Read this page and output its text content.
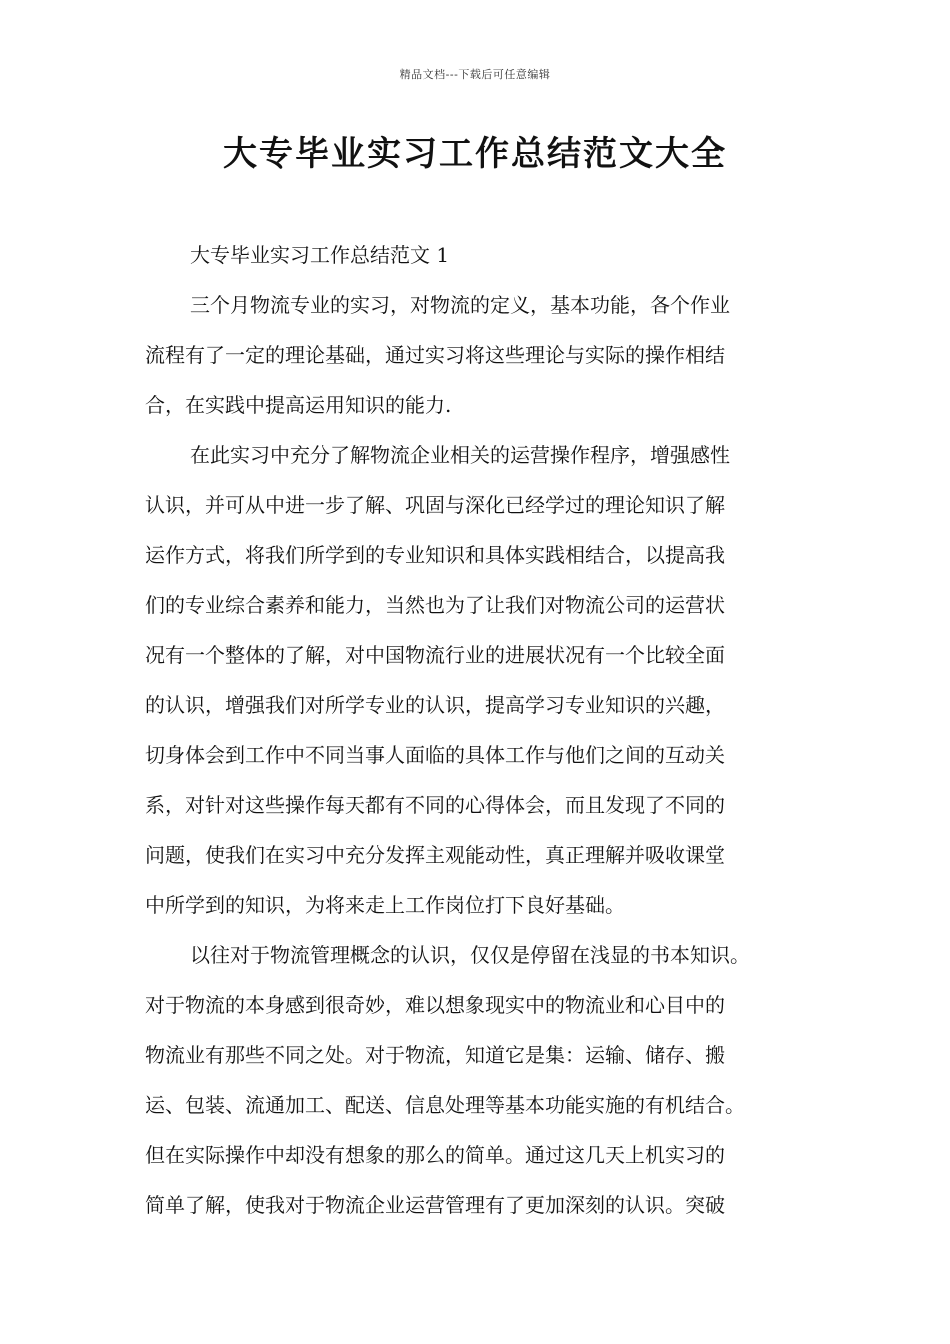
精品文档---下载后可任意编辑
大专毕业实习工作总结范文大全

大专毕业实习工作总结范文 1

三个月物流专业的实习，对物流的定义，基本功能，各个作业
流程有了一定的理论基础，通过实习将这些理论与实际的操作相结
合，在实践中提高运用知识的能力.

在此实习中充分了解物流企业相关的运营操作程序，增强感性
认识，并可从中进一步了解、巩固与深化已经学过的理论知识了解
运作方式，将我们所学到的专业知识和具体实践相结合，以提高我
们的专业综合素养和能力，当然也为了让我们对物流公司的运营状
况有一个整体的了解，对中国物流行业的进展状况有一个比较全面
的认识，增强我们对所学专业的认识，提高学习专业知识的兴趣，
切身体会到工作中不同当事人面临的具体工作与他们之间的互动关
系，对针对这些操作每天都有不同的心得体会，而且发现了不同的
问题，使我们在实习中充分发挥主观能动性，真正理解并吸收课堂
中所学到的知识，为将来走上工作岗位打下良好基础。

以往对于物流管理概念的认识，仅仅是停留在浅显的书本知识。
对于物流的本身感到很奇妙，难以想象现实中的物流业和心目中的
物流业有那些不同之处。对于物流，知道它是集：运输、储存、搬
运、包装、流通加工、配送、信息处理等基本功能实施的有机结合。
但在实际操作中却没有想象的那么的简单。通过这几天上机实习的
简单了解，使我对于物流企业运营管理有了更加深刻的认识。突破
